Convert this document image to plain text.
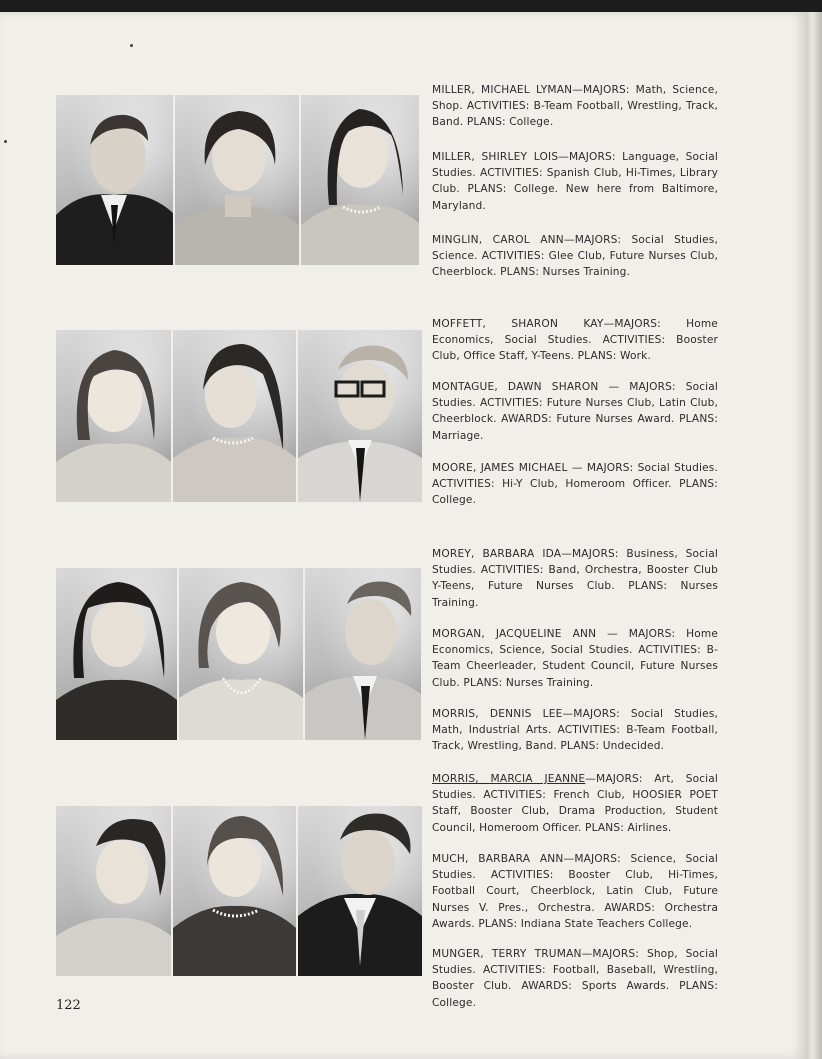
MILLER, MICHAEL LYMAN—MAJORS: Math, Science, Shop. ACTIVITIES: B-Team Football, Wrestling, Track, Band. PLANS: College.
MILLER, SHIRLEY LOIS—MAJORS: Language, Social Studies. ACTIVITIES: Spanish Club, Hi-Times, Library Club. PLANS: College. New here from Baltimore, Maryland.
MINGLIN, CAROL ANN—MAJORS: Social Studies, Science. ACTIVITIES: Glee Club, Future Nurses Club, Cheerblock. PLANS: Nurses Training.
MOFFETT, SHARON KAY—MAJORS: Home Economics, Social Studies. ACTIVITIES: Booster Club, Office Staff, Y-Teens. PLANS: Work.
MONTAGUE, DAWN SHARON — MAJORS: Social Studies. ACTIVITIES: Future Nurses Club, Latin Club, Cheerblock. AWARDS: Future Nurses Award. PLANS: Marriage.
MOORE, JAMES MICHAEL — MAJORS: Social Studies. ACTIVITIES: Hi-Y Club, Homeroom Officer. PLANS: College.
MOREY, BARBARA IDA—MAJORS: Business, Social Studies. ACTIVITIES: Band, Orchestra, Booster Club Y-Teens, Future Nurses Club. PLANS: Nurses Training.
MORGAN, JACQUELINE ANN — MAJORS: Home Economics, Science, Social Studies. ACTIVITIES: B-Team Cheerleader, Student Council, Future Nurses Club. PLANS: Nurses Training.
MORRIS, DENNIS LEE—MAJORS: Social Studies, Math, Industrial Arts. ACTIVITIES: B-Team Football, Track, Wrestling, Band. PLANS: Undecided.
MORRIS, MARCIA JEANNE—MAJORS: Art, Social Studies. ACTIVITIES: French Club, HOOSIER POET Staff, Booster Club, Drama Production, Student Council, Homeroom Officer. PLANS: Airlines.
MUCH, BARBARA ANN—MAJORS: Science, Social Studies. ACTIVITIES: Booster Club, Hi-Times, Football Court, Cheerblock, Latin Club, Future Nurses V. Pres., Orchestra. AWARDS: Orchestra Awards. PLANS: Indiana State Teachers College.
MUNGER, TERRY TRUMAN—MAJORS: Shop, Social Studies. ACTIVITIES: Football, Baseball, Wrestling, Booster Club. AWARDS: Sports Awards. PLANS: College.
122
